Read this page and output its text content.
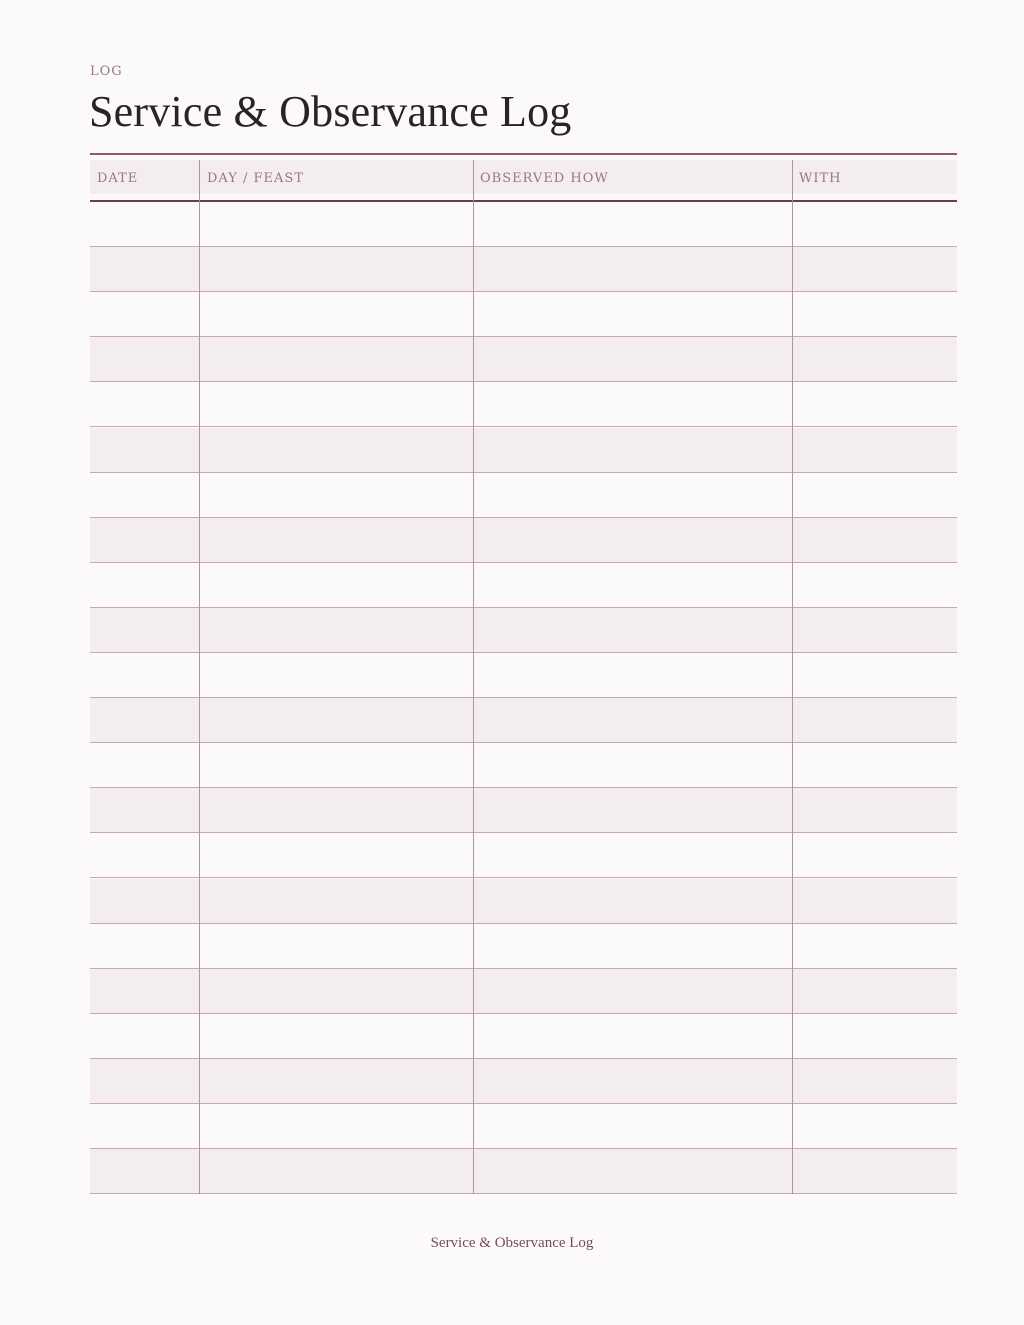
LOG
Service & Observance Log
DATE	DAY / FEAST	OBSERVED HOW	WITH
Service & Observance Log
